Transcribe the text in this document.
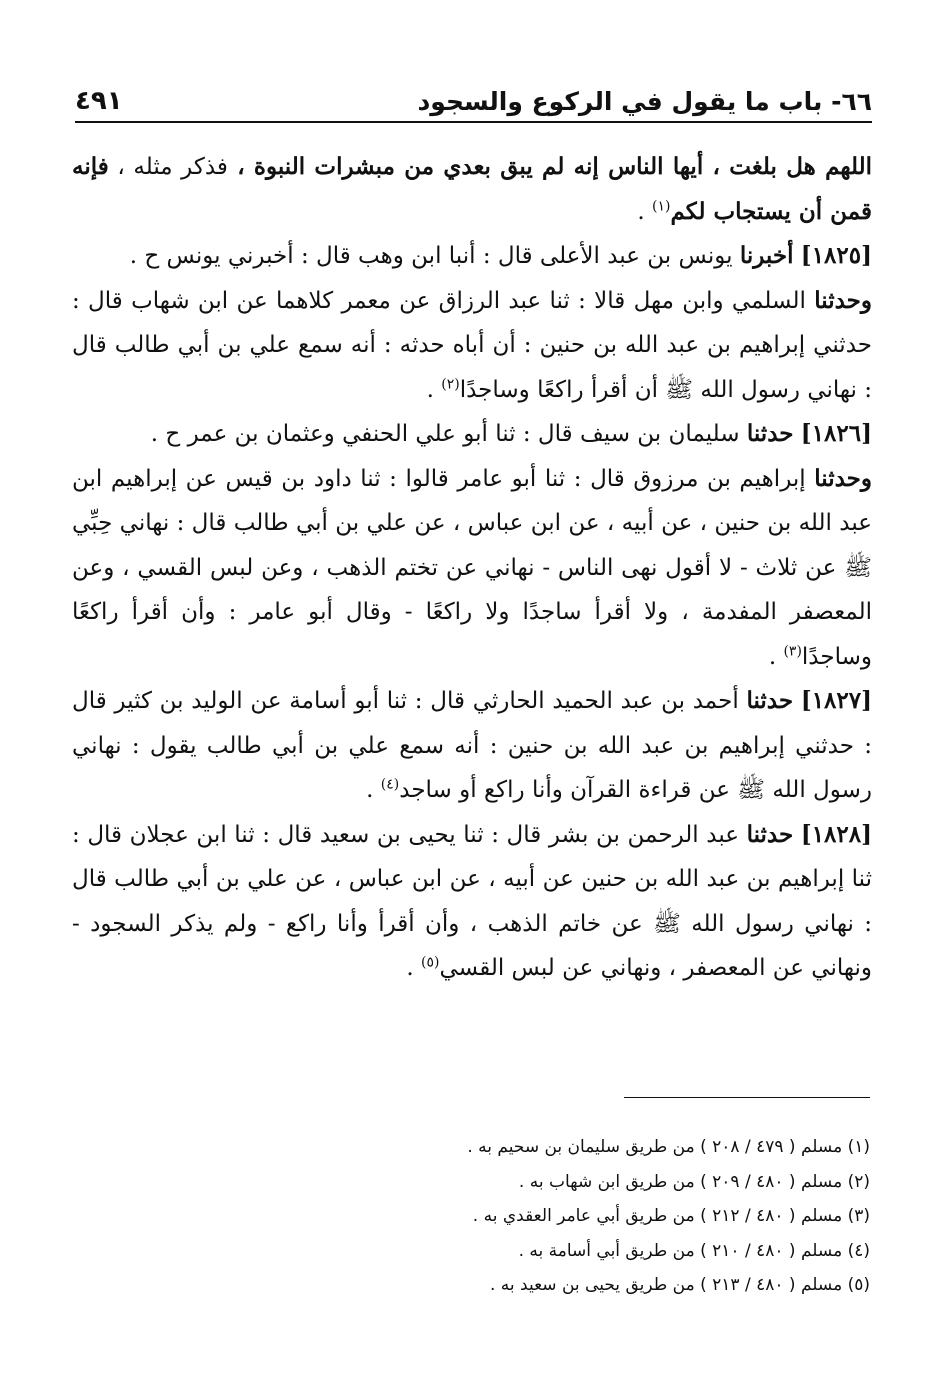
٦٦- باب ما يقول في الركوع والسجود
٤٩١

اللهم هل بلغت ، أيها الناس إنه لم يبق بعدي من مبشرات النبوة ، فذكر مثله ، فإنه قمن أن يستجاب لكم$^{(١)}$ .

[١٨٢٥] أخبرنا يونس بن عبد الأعلى قال : أنبا ابن وهب قال : أخبرني يونس ح .

وحدثنا السلمي وابن مهل قالا : ثنا عبد الرزاق عن معمر كلاهما عن ابن شهاب قال : حدثني إبراهيم بن عبد الله بن حنين : أن أباه حدثه : أنه سمع علي بن أبي طالب قال : نهاني رسول الله ﷺ أن أقرأ راكعًا وساجدًا$^{(٢)}$ .

[١٨٢٦] حدثنا سليمان بن سيف قال : ثنا أبو علي الحنفي وعثمان بن عمر ح .

وحدثنا إبراهيم بن مرزوق قال : ثنا أبو عامر قالوا : ثنا داود بن قيس عن إبراهيم ابن عبد الله بن حنين ، عن أبيه ، عن ابن عباس ، عن علي بن أبي طالب قال : نهاني حِبِّي ﷺ عن ثلاث - لا أقول نهى الناس - نهاني عن تختم الذهب ، وعن لبس القسي ، وعن المعصفر المفدمة ، ولا أقرأ ساجدًا ولا راكعًا - وقال أبو عامر : وأن أقرأ راكعًا وساجدًا$^{(٣)}$ .

[١٨٢٧] حدثنا أحمد بن عبد الحميد الحارثي قال : ثنا أبو أسامة عن الوليد بن كثير قال : حدثني إبراهيم بن عبد الله بن حنين : أنه سمع علي بن أبي طالب يقول : نهاني رسول الله ﷺ عن قراءة القرآن وأنا راكع أو ساجد$^{(٤)}$ .

[١٨٢٨] حدثنا عبد الرحمن بن بشر قال : ثنا يحيى بن سعيد قال : ثنا ابن عجلان قال : ثنا إبراهيم بن عبد الله بن حنين عن أبيه ، عن ابن عباس ، عن علي بن أبي طالب قال : نهاني رسول الله ﷺ عن خاتم الذهب ، وأن أقرأ وأنا راكع - ولم يذكر السجود - ونهاني عن المعصفر ، ونهاني عن لبس القسي$^{(٥)}$ .

(١) مسلم ( ٤٧٩ / ٢٠٨ ) من طريق سليمان بن سحيم به .

(٢) مسلم ( ٤٨٠ / ٢٠٩ ) من طريق ابن شهاب به .

(٣) مسلم ( ٤٨٠ / ٢١٢ ) من طريق أبي عامر العقدي به .

(٤) مسلم ( ٤٨٠ / ٢١٠ ) من طريق أبي أسامة به .

(٥) مسلم ( ٤٨٠ / ٢١٣ ) من طريق يحيى بن سعيد به .
